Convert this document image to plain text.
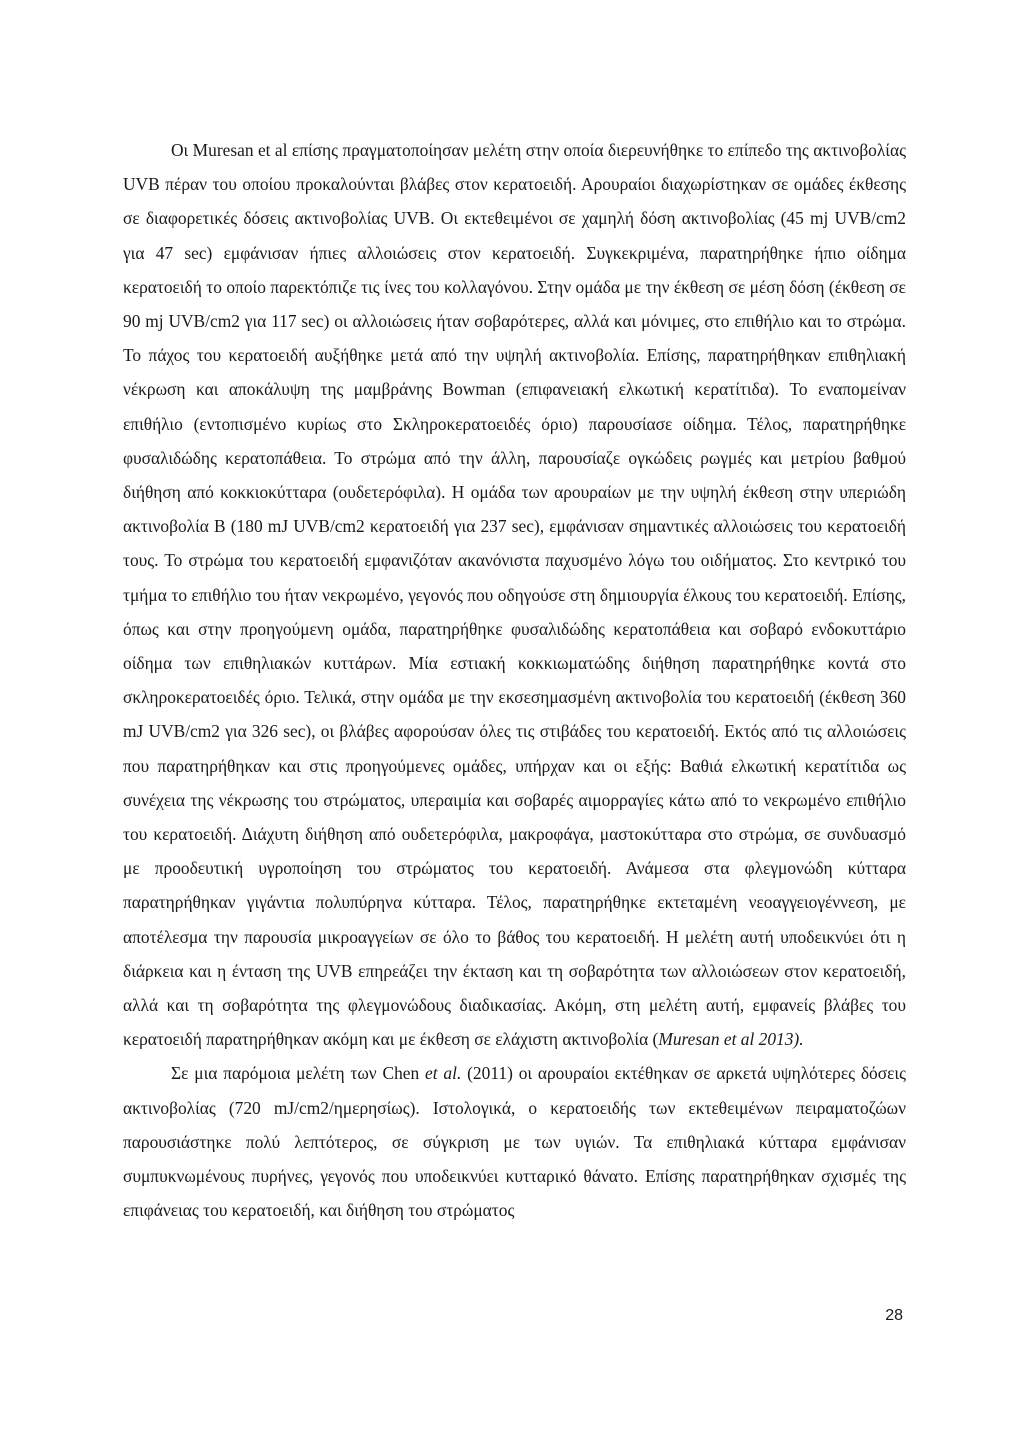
Οι Muresan et al επίσης πραγματοποίησαν μελέτη στην οποία διερευνήθηκε το επίπεδο της ακτινοβολίας UVB πέραν του οποίου προκαλούνται βλάβες στον κερατοειδή. Αρουραίοι διαχωρίστηκαν σε ομάδες έκθεσης σε διαφορετικές δόσεις ακτινοβολίας UVB. Οι εκτεθειμένοι σε χαμηλή δόση ακτινοβολίας (45 mj UVB/cm2 για 47 sec) εμφάνισαν ήπιες αλλοιώσεις στον κερατοειδή. Συγκεκριμένα, παρατηρήθηκε ήπιο οίδημα κερατοειδή το οποίο παρεκτόπιζε τις ίνες του κολλαγόνου. Στην ομάδα με την έκθεση σε μέση δόση (έκθεση σε 90 mj UVB/cm2 για 117 sec) οι αλλοιώσεις ήταν σοβαρότερες, αλλά και μόνιμες, στο επιθήλιο και το στρώμα. Το πάχος του κερατοειδή αυξήθηκε μετά από την υψηλή ακτινοβολία. Επίσης, παρατηρήθηκαν επιθηλιακή νέκρωση και αποκάλυψη της μαμβράνης Bowman (επιφανειακή ελκωτική κερατίτιδα). Το εναπομείναν επιθήλιο (εντοπισμένο κυρίως στο Σκληροκερατοειδές όριο) παρουσίασε οίδημα. Τέλος, παρατηρήθηκε φυσαλιδώδης κερατοπάθεια. Το στρώμα από την άλλη, παρουσίαζε ογκώδεις ρωγμές και μετρίου βαθμού διήθηση από κοκκιοκύτταρα (ουδετερόφιλα). Η ομάδα των αρουραίων με την υψηλή έκθεση στην υπεριώδη ακτινοβολία Β (180 mJ UVB/cm2 κερατοειδή για 237 sec), εμφάνισαν σημαντικές αλλοιώσεις του κερατοειδή τους. Το στρώμα του κερατοειδή εμφανιζόταν ακανόνιστα παχυσμένο λόγω του οιδήματος. Στο κεντρικό του τμήμα το επιθήλιο του ήταν νεκρωμένο, γεγονός που οδηγούσε στη δημιουργία έλκους του κερατοειδή. Επίσης, όπως και στην προηγούμενη ομάδα, παρατηρήθηκε φυσαλιδώδης κερατοπάθεια και σοβαρό ενδοκυττάριο οίδημα των επιθηλιακών κυττάρων. Μία εστιακή κοκκιωματώδης διήθηση παρατηρήθηκε κοντά στο σκληροκερατοειδές όριο. Τελικά, στην ομάδα με την εκσεσημασμένη ακτινοβολία του κερατοειδή (έκθεση 360 mJ UVB/cm2 για 326 sec), οι βλάβες αφορούσαν όλες τις στιβάδες του κερατοειδή. Εκτός από τις αλλοιώσεις που παρατηρήθηκαν και στις προηγούμενες ομάδες, υπήρχαν και οι εξής: Βαθιά ελκωτική κερατίτιδα ως συνέχεια της νέκρωσης του στρώματος, υπεραιμία και σοβαρές αιμορραγίες κάτω από το νεκρωμένο επιθήλιο του κερατοειδή. Διάχυτη διήθηση από ουδετερόφιλα, μακροφάγα, μαστοκύτταρα στο στρώμα, σε συνδυασμό με προοδευτική υγροποίηση του στρώματος του κερατοειδή. Ανάμεσα στα φλεγμονώδη κύτταρα παρατηρήθηκαν γιγάντια πολυπύρηνα κύτταρα. Τέλος, παρατηρήθηκε εκτεταμένη νεοαγγειογέννεση, με αποτέλεσμα την παρουσία μικροαγγείων σε όλο το βάθος του κερατοειδή. Η μελέτη αυτή υποδεικνύει ότι η διάρκεια και η ένταση της UVB επηρεάζει την έκταση και τη σοβαρότητα των αλλοιώσεων στον κερατοειδή, αλλά και τη σοβαρότητα της φλεγμονώδους διαδικασίας. Ακόμη, στη μελέτη αυτή, εμφανείς βλάβες του κερατοειδή παρατηρήθηκαν ακόμη και με έκθεση σε ελάχιστη ακτινοβολία (Muresan et al 2013).

Σε μια παρόμοια μελέτη των Chen et al. (2011) οι αρουραίοι εκτέθηκαν σε αρκετά υψηλότερες δόσεις ακτινοβολίας (720 mJ/cm2/ημερησίως). Ιστολογικά, ο κερατοειδής των εκτεθειμένων πειραματοζώων παρουσιάστηκε πολύ λεπτότερος, σε σύγκριση με των υγιών. Τα επιθηλιακά κύτταρα εμφάνισαν συμπυκνωμένους πυρήνες, γεγονός που υποδεικνύει κυτταρικό θάνατο. Επίσης παρατηρήθηκαν σχισμές της επιφάνειας του κερατοειδή, και διήθηση του στρώματος

28
